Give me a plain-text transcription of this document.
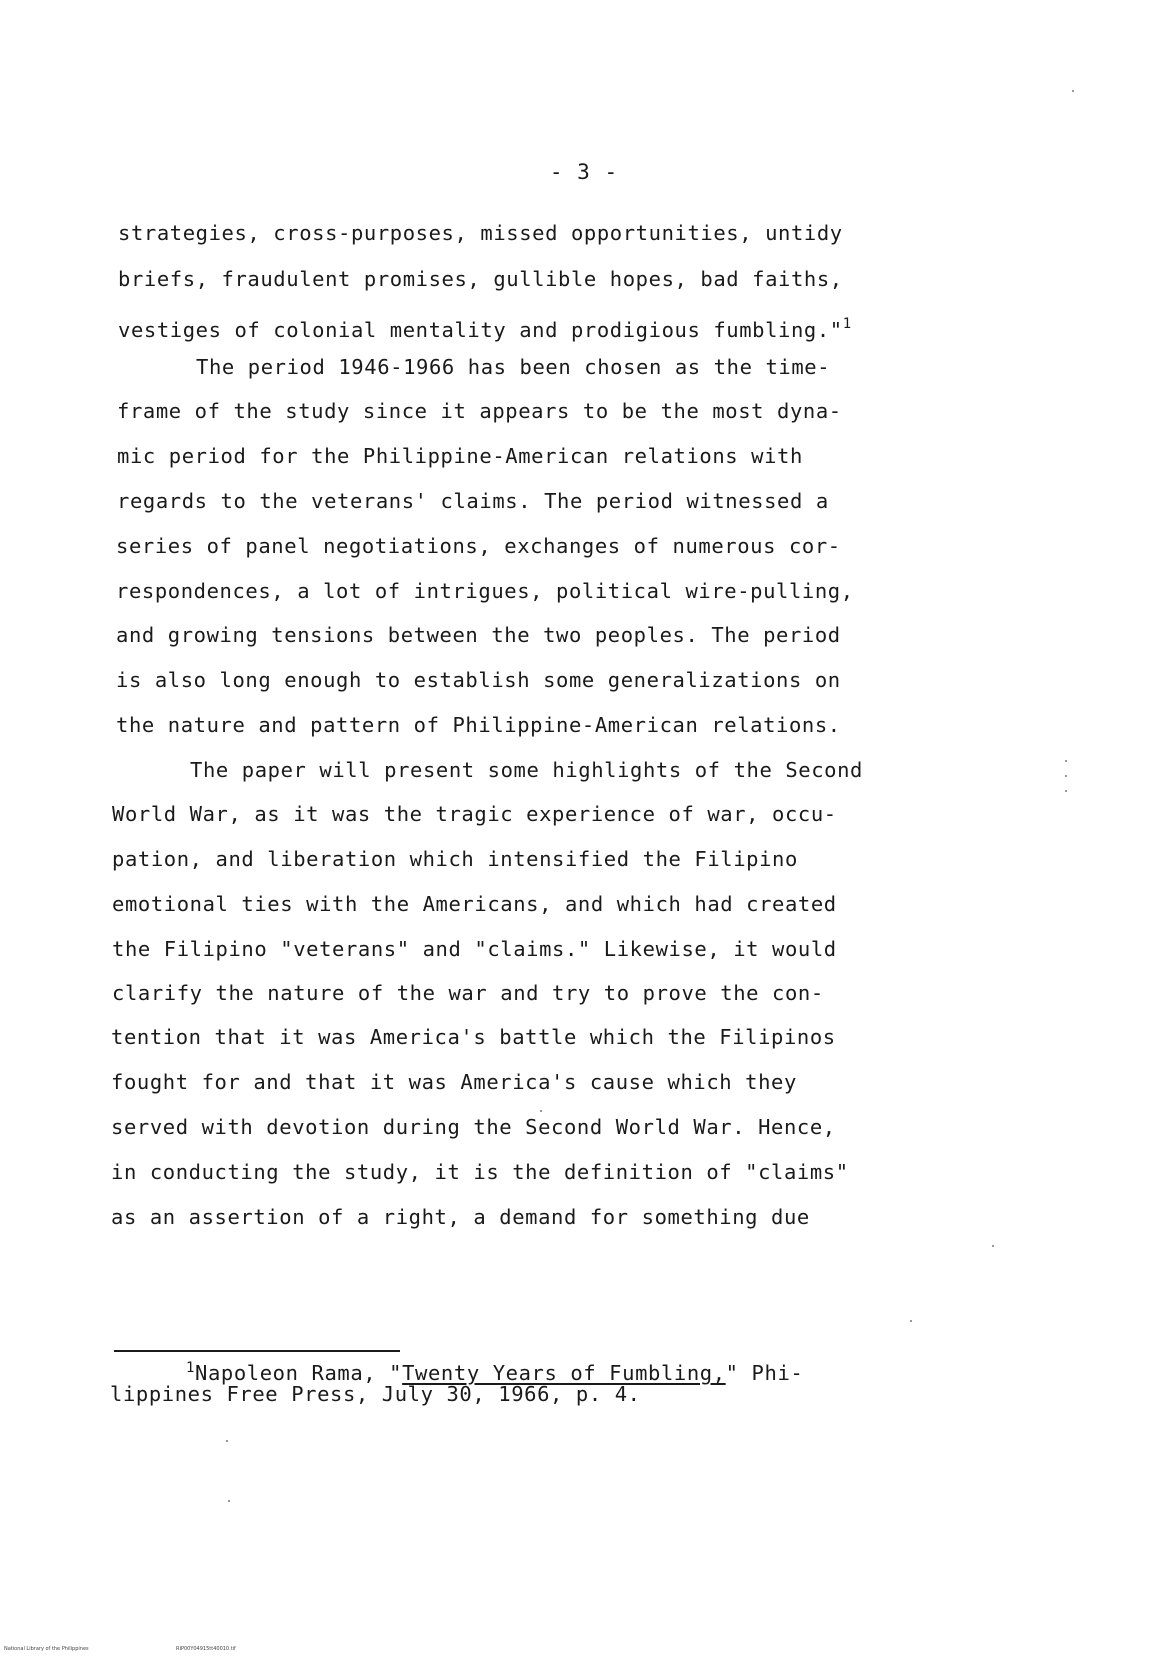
- 3 -
strategies, cross-purposes, missed opportunities, untidy
briefs, fraudulent promises, gullible hopes, bad faiths,
vestiges of colonial mentality and prodigious fumbling."$^1$
The period 1946-1966 has been chosen as the time-
frame of the study since it appears to be the most dyna-
mic period for the Philippine-American relations with
regards to the veterans' claims. The period witnessed a
series of panel negotiations, exchanges of numerous cor-
respondences, a lot of intrigues, political wire-pulling,
and growing tensions between the two peoples. The period
is also long enough to establish some generalizations on
the nature and pattern of Philippine-American relations.
The paper will present some highlights of the Second
World War, as it was the tragic experience of war, occu-
pation, and liberation which intensified the Filipino
emotional ties with the Americans, and which had created
the Filipino "veterans" and "claims." Likewise, it would
clarify the nature of the war and try to prove the con-
tention that it was America's battle which the Filipinos
fought for and that it was America's cause which they
served with devotion during the Second World War. Hence,
in conducting the study, it is the definition of "claims"
as an assertion of a right, a demand for something due
$^1$Napoleon Rama, "Twenty Years of Fumbling," Phi-
lippines Free Press, July 30, 1966, p. 4.
National Library of the Philippines	RIP00Y04915tt40010.tif
